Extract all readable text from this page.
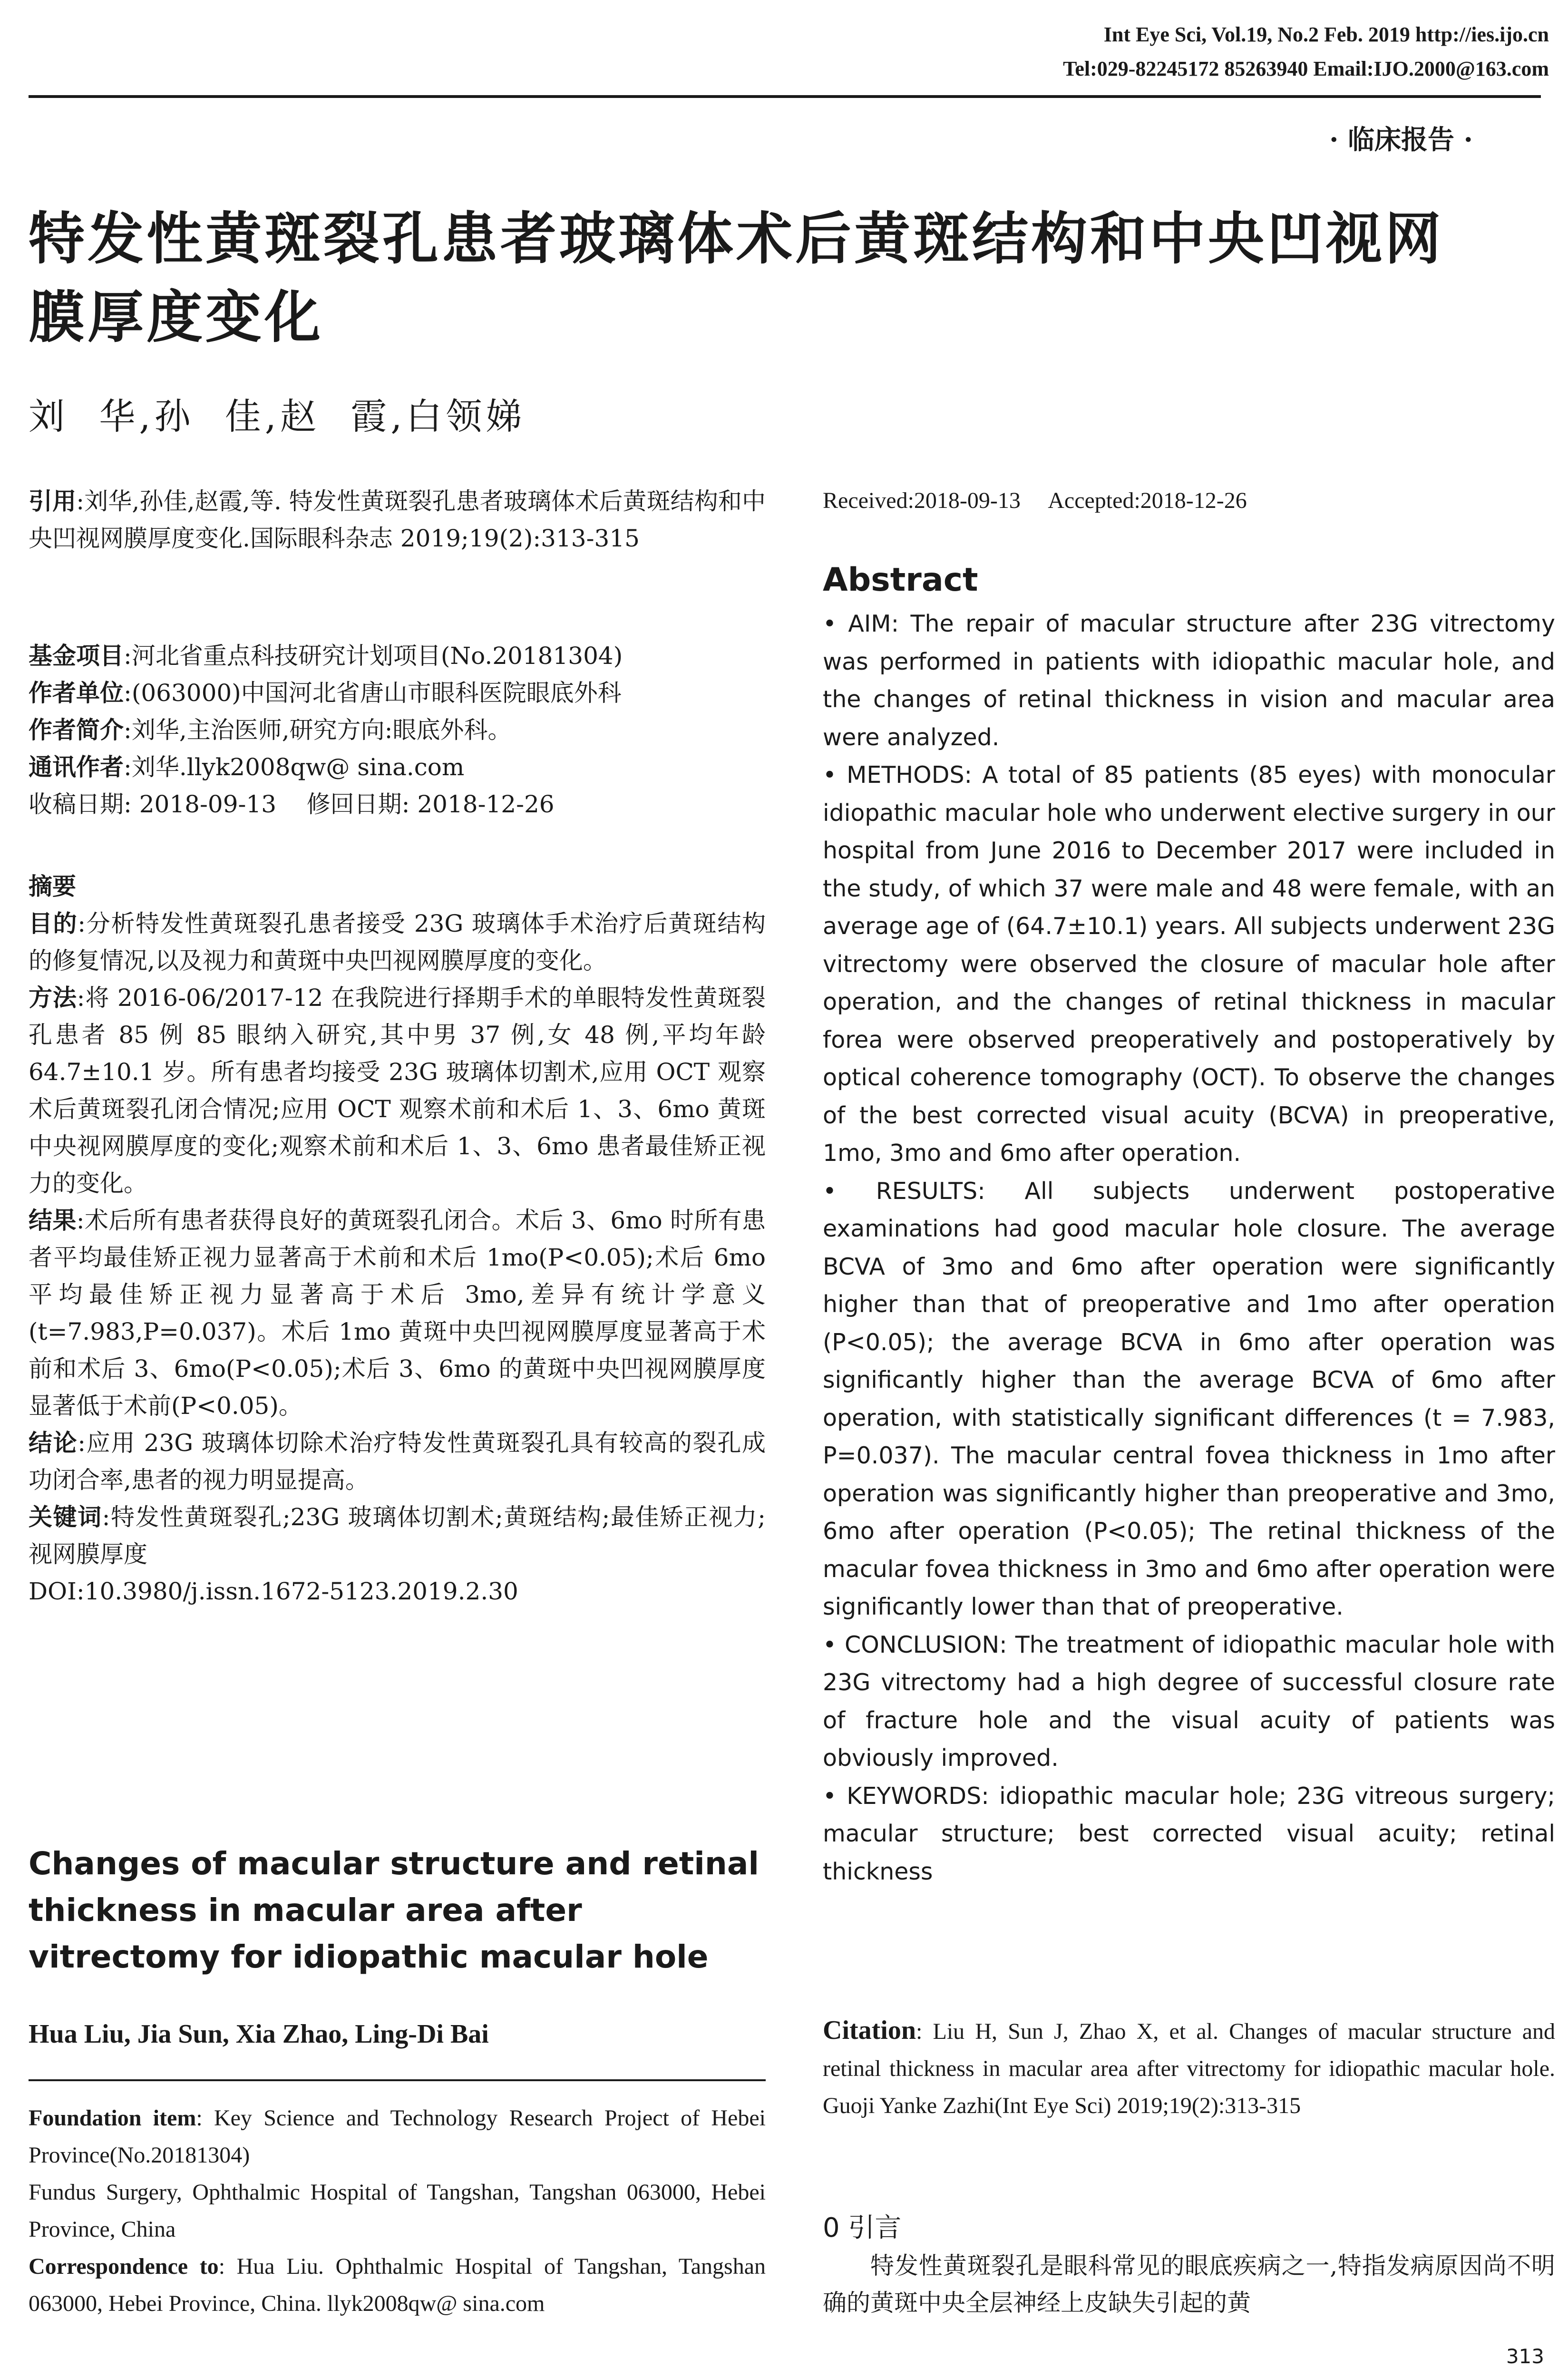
Int Eye Sci, Vol.19, No.2 Feb. 2019 http://ies.ijo.cn
Tel:029-82245172 85263940 Email:IJO.2000@163.com
· 临床报告 ·
特发性黄斑裂孔患者玻璃体术后黄斑结构和中央凹视网
膜厚度变化
刘  华,孙  佳,赵  霞,白领娣
引用:刘华,孙佳,赵霞,等. 特发性黄斑裂孔患者玻璃体术后黄斑结构和中央凹视网膜厚度变化.国际眼科杂志 2019;19(2):313-315
基金项目:河北省重点科技研究计划项目(No.20181304)
作者单位:(063000)中国河北省唐山市眼科医院眼底外科
作者简介:刘华,主治医师,研究方向:眼底外科。
通讯作者:刘华.llyk2008qw@ sina.com
收稿日期: 2018-09-13    修回日期: 2018-12-26
摘要
目的:分析特发性黄斑裂孔患者接受 23G 玻璃体手术治疗后黄斑结构的修复情况,以及视力和黄斑中央凹视网膜厚度的变化。
方法:将 2016-06/2017-12 在我院进行择期手术的单眼特发性黄斑裂孔患者 85 例 85 眼纳入研究,其中男 37 例,女 48 例,平均年龄 64.7±10.1 岁。所有患者均接受 23G 玻璃体切割术,应用 OCT 观察术后黄斑裂孔闭合情况;应用 OCT 观察术前和术后 1、3、6mo 黄斑中央视网膜厚度的变化;观察术前和术后 1、3、6mo 患者最佳矫正视力的变化。
结果:术后所有患者获得良好的黄斑裂孔闭合。术后 3、6mo 时所有患者平均最佳矫正视力显著高于术前和术后 1mo(P<0.05);术后 6mo 平均最佳矫正视力显著高于术后 3mo,差异有统计学意义(t=7.983,P=0.037)。术后 1mo 黄斑中央凹视网膜厚度显著高于术前和术后 3、6mo(P<0.05);术后 3、6mo 的黄斑中央凹视网膜厚度显著低于术前(P<0.05)。
结论:应用 23G 玻璃体切除术治疗特发性黄斑裂孔具有较高的裂孔成功闭合率,患者的视力明显提高。
关键词:特发性黄斑裂孔;23G 玻璃体切割术;黄斑结构;最佳矫正视力;视网膜厚度
DOI:10.3980/j.issn.1672-5123.2019.2.30
Changes of macular structure and retinal thickness in macular area after vitrectomy for idiopathic macular hole
Hua Liu, Jia Sun, Xia Zhao, Ling-Di Bai
Foundation item: Key Science and Technology Research Project of Hebei Province(No.20181304)
Fundus Surgery, Ophthalmic Hospital of Tangshan, Tangshan 063000, Hebei Province, China
Correspondence to: Hua Liu. Ophthalmic Hospital of Tangshan, Tangshan 063000, Hebei Province, China. llyk2008qw@ sina.com
Received:2018-09-13     Accepted:2018-12-26
Abstract
• AIM: The repair of macular structure after 23G vitrectomy was performed in patients with idiopathic macular hole, and the changes of retinal thickness in vision and macular area were analyzed.
• METHODS: A total of 85 patients (85 eyes) with monocular idiopathic macular hole who underwent elective surgery in our hospital from June 2016 to December 2017 were included in the study, of which 37 were male and 48 were female, with an average age of (64.7±10.1) years. All subjects underwent 23G vitrectomy were observed the closure of macular hole after operation, and the changes of retinal thickness in macular forea were observed preoperatively and postoperatively by optical coherence tomography (OCT). To observe the changes of the best corrected visual acuity (BCVA) in preoperative, 1mo, 3mo and 6mo after operation.
• RESULTS: All subjects underwent postoperative examinations had good macular hole closure. The average BCVA of 3mo and 6mo after operation were significantly higher than that of preoperative and 1mo after operation (P<0.05); the average BCVA in 6mo after operation was significantly higher than the average BCVA of 6mo after operation, with statistically significant differences (t = 7.983, P=0.037). The macular central fovea thickness in 1mo after operation was significantly higher than preoperative and 3mo, 6mo after operation (P<0.05); The retinal thickness of the macular fovea thickness in 3mo and 6mo after operation were significantly lower than that of preoperative.
• CONCLUSION: The treatment of idiopathic macular hole with 23G vitrectomy had a high degree of successful closure rate of fracture hole and the visual acuity of patients was obviously improved.
• KEYWORDS: idiopathic macular hole; 23G vitreous surgery; macular structure; best corrected visual acuity; retinal thickness
Citation: Liu H, Sun J, Zhao X, et al. Changes of macular structure and retinal thickness in macular area after vitrectomy for idiopathic macular hole. Guoji Yanke Zazhi(Int Eye Sci) 2019;19(2):313-315
0 引言
特发性黄斑裂孔是眼科常见的眼底疾病之一,特指发病原因尚不明确的黄斑中央全层神经上皮缺失引起的黄
313
